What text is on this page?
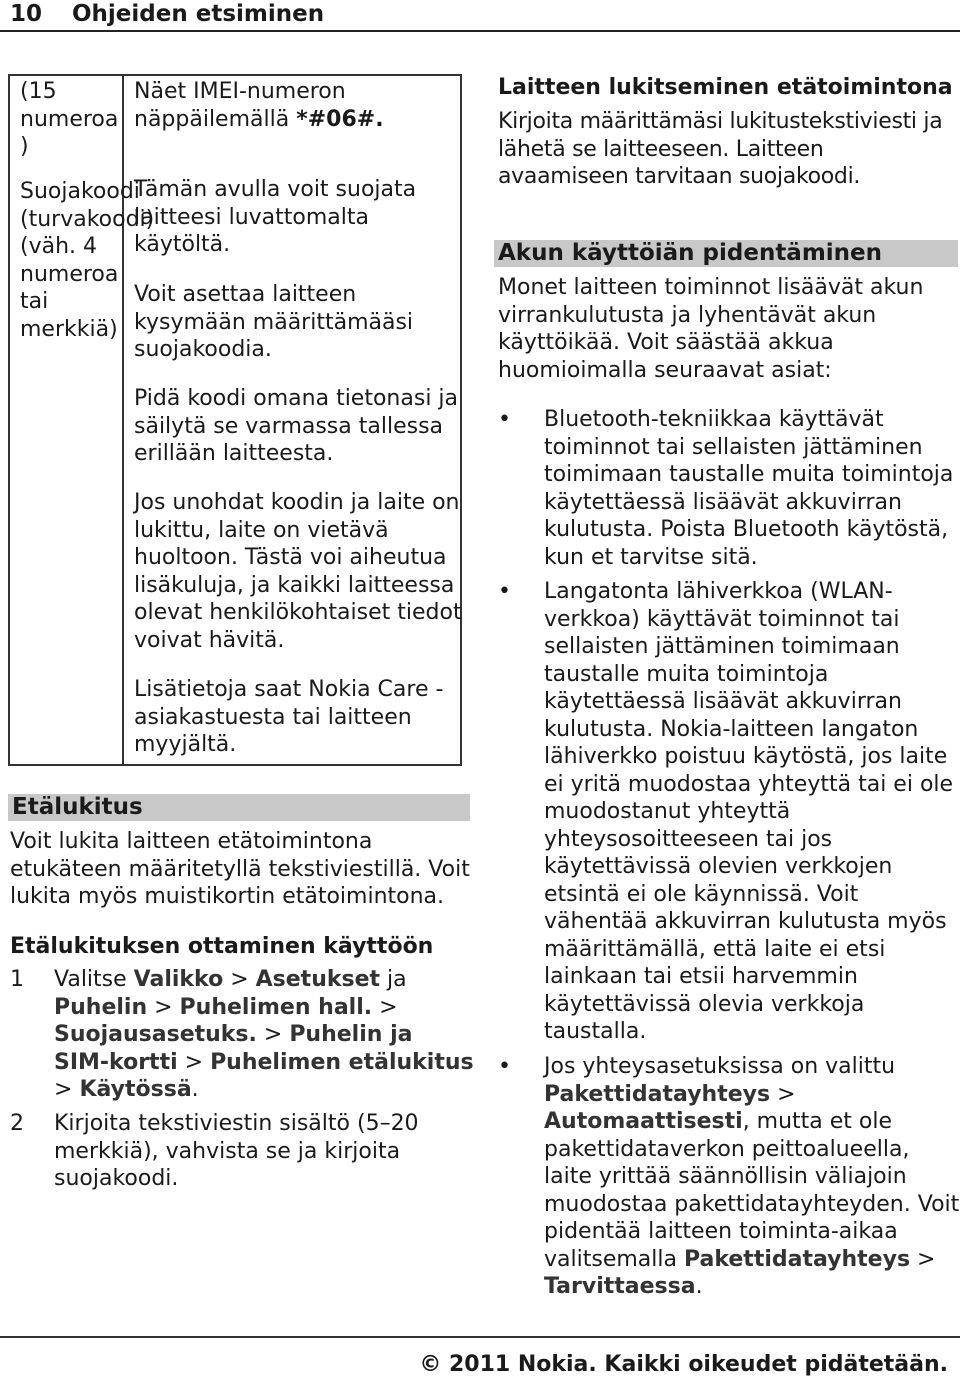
10 Ohjeiden etsiminen
(15 numeroa )
Näet IMEI-numeron näppäilemällä *#06#.
Suojakoodi (turvakoodi) (väh. 4 numeroa tai merkkiä)
Tämän avulla voit suojata laitteesi luvattomalta käytöltä.
Voit asettaa laitteen kysymään määrittämääsi suojakoodia.
Pidä koodi omana tietonasi ja säilytä se varmassa tallessa erillään laitteesta.
Jos unohdat koodin ja laite on lukittu, laite on vietävä huoltoon. Tästä voi aiheutua lisäkuluja, ja kaikki laitteessa olevat henkilökohtaiset tiedot voivat hävitä.
Lisätietoja saat Nokia Care -asiakastuesta tai laitteen myyjältä.
Etälukitus
Voit lukita laitteen etätoimintona etukäteen määritetyllä tekstiviestillä. Voit lukita myös muistikortin etätoimintona.
Etälukituksen ottaminen käyttöön
1 Valitse Valikko > Asetukset ja Puhelin > Puhelimen hall. > Suojausasetuks. > Puhelin ja SIM-kortti > Puhelimen etälukitus > Käytössä.
2 Kirjoita tekstiviestin sisältö (5–20 merkkiä), vahvista se ja kirjoita suojakoodi.
Laitteen lukitseminen etätoimintona
Kirjoita määrittämäsi lukitustekstiviesti ja lähetä se laitteeseen. Laitteen avaamiseen tarvitaan suojakoodi.
Akun käyttöiän pidentäminen
Monet laitteen toiminnot lisäävät akun virrankulutusta ja lyhentävät akun käyttöikää. Voit säästää akkua huomioimalla seuraavat asiat:
• Bluetooth-tekniikkaa käyttävät toiminnot tai sellaisten jättäminen toimimaan taustalle muita toimintoja käytettäessä lisäävät akkuvirran kulutusta. Poista Bluetooth käytöstä, kun et tarvitse sitä.
• Langatonta lähiverkkoa (WLAN-verkkoa) käyttävät toiminnot tai sellaisten jättäminen toimimaan taustalle muita toimintoja käytettäessä lisäävät akkuvirran kulutusta. Nokia-laitteen langaton lähiverkko poistuu käytöstä, jos laite ei yritä muodostaa yhteyttä tai ei ole muodostanut yhteyttä yhteysosoitteeseen tai jos käytettävissä olevien verkkojen etsintä ei ole käynnissä. Voit vähentää akkuvirran kulutusta myös määrittämällä, että laite ei etsi lainkaan tai etsii harvemmin käytettävissä olevia verkkoja taustalla.
• Jos yhteysasetuksissa on valittu Pakettidatayhteys > Automaattisesti, mutta et ole pakettidataverkon peittoalueella, laite yrittää säännöllisin väliajoin muodostaa pakettidatayhteyden. Voit pidentää laitteen toiminta-aikaa valitsemalla Pakettidatayhteys > Tarvittaessa.
© 2011 Nokia. Kaikki oikeudet pidätetään.
